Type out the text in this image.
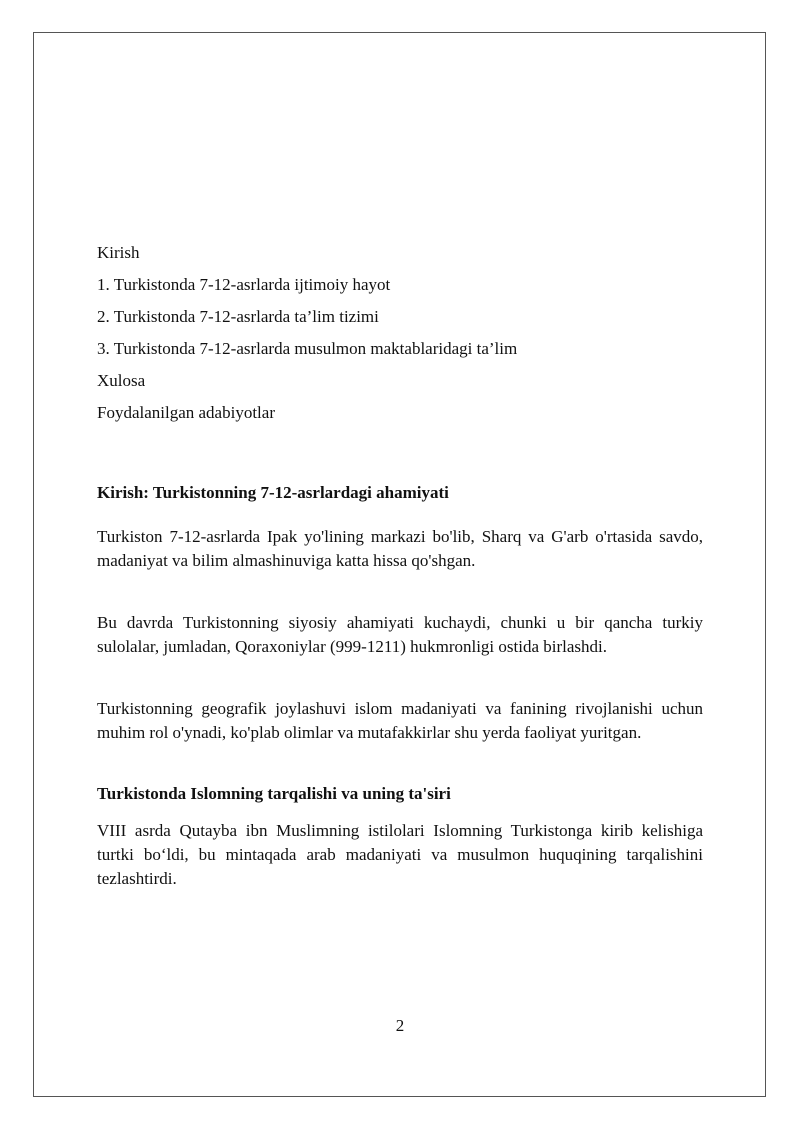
Kirish

1. Turkistonda 7-12-asrlarda ijtimoiy hayot

2. Turkistonda 7-12-asrlarda ta’lim tizimi

3. Turkistonda 7-12-asrlarda musulmon maktablaridagi ta’lim

Xulosa

Foydalanilgan adabiyotlar

Kirish: Turkistonning 7-12-asrlardagi ahamiyati

Turkiston 7-12-asrlarda Ipak yo'lining markazi bo'lib, Sharq va G'arb o'rtasida savdo, madaniyat va bilim almashinuviga katta hissa qo'shgan.

Bu davrda Turkistonning siyosiy ahamiyati kuchaydi, chunki u bir qancha turkiy sulolalar, jumladan, Qoraxoniylar (999-1211) hukmronligi ostida birlashdi.

Turkistonning geografik joylashuvi islom madaniyati va fanining rivojlanishi uchun muhim rol o'ynadi, ko'plab olimlar va mutafakkirlar shu yerda faoliyat yuritgan.

Turkistonda Islomning tarqalishi va uning ta'siri

VIII asrda Qutayba ibn Muslimning istilolari Islomning Turkistonga kirib kelishiga turtki bo‘ldi, bu mintaqada arab madaniyati va musulmon huquqining tarqalishini tezlashtirdi.

2
